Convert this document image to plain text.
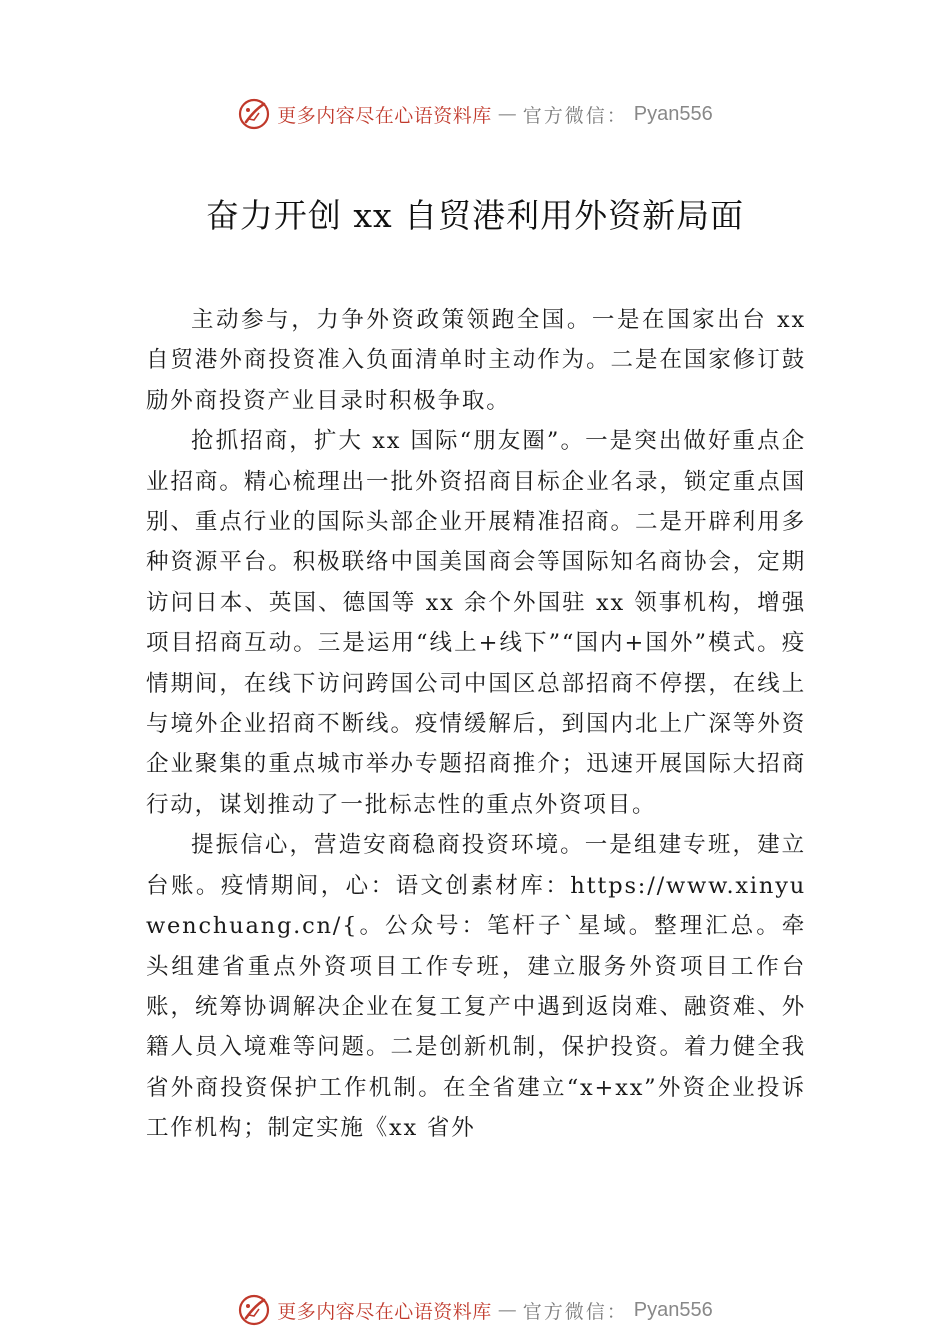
更多内容尽在心语资料库 — 官方微信： Pyan556
奋力开创 xx 自贸港利用外资新局面

主动参与，力争外资政策领跑全国。一是在国家出台 xx 自贸港外商投资准入负面清单时主动作为。二是在国家修订鼓励外商投资产业目录时积极争取。

抢抓招商，扩大 xx 国际“朋友圈”。一是突出做好重点企业招商。精心梳理出一批外资招商目标企业名录，锁定重点国别、重点行业的国际头部企业开展精准招商。二是开辟利用多种资源平台。积极联络中国美国商会等国际知名商协会，定期访问日本、英国、德国等 xx 余个外国驻 xx 领事机构，增强项目招商互动。三是运用“线上+线下”“国内+国外”模式。疫情期间，在线下访问跨国公司中国区总部招商不停摆，在线上与境外企业招商不断线。疫情缓解后，到国内北上广深等外资企业聚集的重点城市举办专题招商推介；迅速开展国际大招商行动，谋划推动了一批标志性的重点外资项目。

提振信心，营造安商稳商投资环境。一是组建专班，建立台账。疫情期间，心：语文创素材库：https://www.xinyuwenchuang.cn/{。公众号：笔杆子`星域。整理汇总。牵头组建省重点外资项目工作专班，建立服务外资项目工作台账，统筹协调解决企业在复工复产中遇到返岗难、融资难、外籍人员入境难等问题。二是创新机制，保护投资。着力健全我省外商投资保护工作机制。在全省建立“x+xx”外资企业投诉工作机构；制定实施《xx 省外

更多内容尽在心语资料库 — 官方微信： Pyan556
